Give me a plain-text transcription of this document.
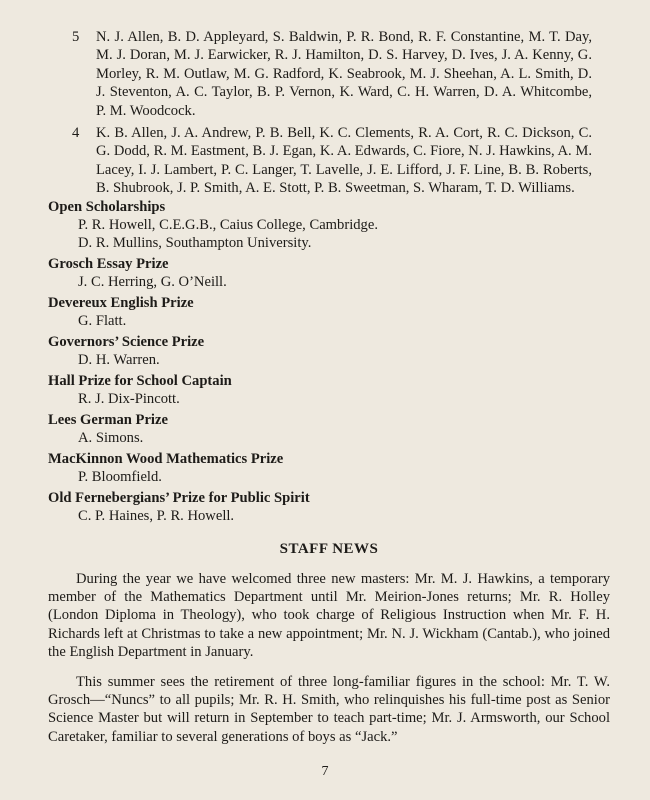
5 N. J. Allen, B. D. Appleyard, S. Baldwin, P. R. Bond, R. F. Constantine, M. T. Day, M. J. Doran, M. J. Earwicker, R. J. Hamilton, D. S. Harvey, D. Ives, J. A. Kenny, G. Morley, R. M. Outlaw, M. G. Radford, K. Seabrook, M. J. Sheehan, A. L. Smith, D. J. Steventon, A. C. Taylor, B. P. Vernon, K. Ward, C. H. Warren, D. A. Whitcombe, P. M. Woodcock.
4 K. B. Allen, J. A. Andrew, P. B. Bell, K. C. Clements, R. A. Cort, R. C. Dickson, C. G. Dodd, R. M. Eastment, B. J. Egan, K. A. Edwards, C. Fiore, N. J. Hawkins, A. M. Lacey, I. J. Lambert, P. C. Langer, T. Lavelle, J. E. Lifford, J. F. Line, B. B. Roberts, B. Shubrook, J. P. Smith, A. E. Stott, P. B. Sweetman, S. Wharam, T. D. Williams.
Open Scholarships
P. R. Howell, C.E.G.B., Caius College, Cambridge.
D. R. Mullins, Southampton University.
Grosch Essay Prize
J. C. Herring, G. O’Neill.
Devereux English Prize
G. Flatt.
Governors’ Science Prize
D. H. Warren.
Hall Prize for School Captain
R. J. Dix-Pincott.
Lees German Prize
A. Simons.
MacKinnon Wood Mathematics Prize
P. Bloomfield.
Old Fernebergians’ Prize for Public Spirit
C. P. Haines, P. R. Howell.
STAFF NEWS

During the year we have welcomed three new masters: Mr. M. J. Hawkins, a temporary member of the Mathematics Department until Mr. Meirion-Jones returns; Mr. R. Holley (London Diploma in Theology), who took charge of Religious Instruction when Mr. F. H. Richards left at Christmas to take a new appointment; Mr. N. J. Wickham (Cantab.), who joined the English Department in January.

This summer sees the retirement of three long-familiar figures in the school: Mr. T. W. Grosch—“Nuncs” to all pupils; Mr. R. H. Smith, who relinquishes his full-time post as Senior Science Master but will return in September to teach part-time; Mr. J. Armsworth, our School Caretaker, familiar to several generations of boys as “Jack.”

7
